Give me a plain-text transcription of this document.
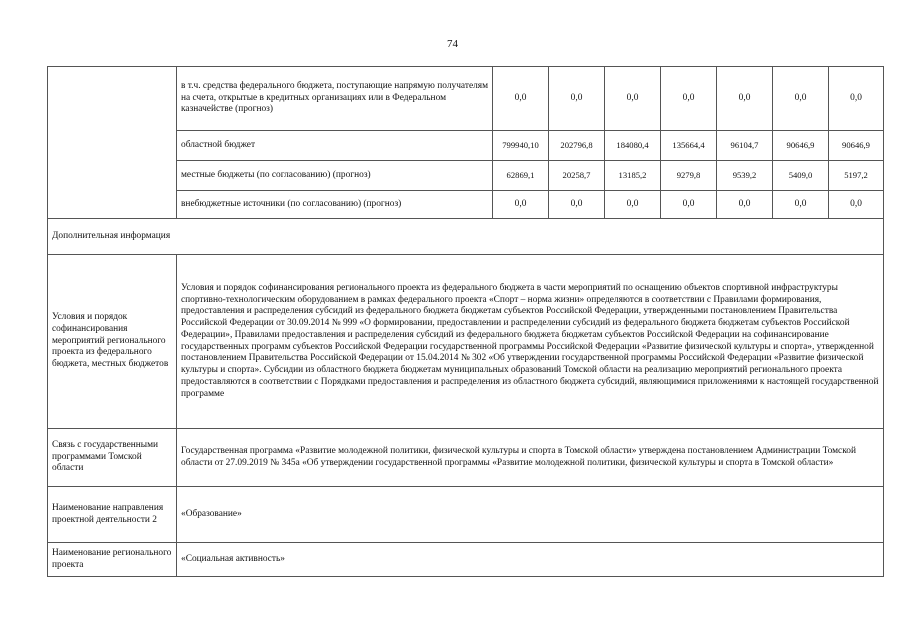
74
	в т.ч. средства федерального бюджета, поступающие напрямую получателям на счета, открытые в кредитных организациях или в Федеральном казначействе (прогноз)	0,0	0,0	0,0	0,0	0,0	0,0	0,0
	областной бюджет	799940,10	202796,8	184080,4	135664,4	96104,7	90646,9	90646,9
	местные бюджеты (по согласованию) (прогноз)	62869,1	20258,7	13185,2	9279,8	9539,2	5409,0	5197,2
	внебюджетные источники (по согласованию) (прогноз)	0,0	0,0	0,0	0,0	0,0	0,0	0,0
Дополнительная информация								
Условия и порядок софинансирования мероприятий регионального проекта из федерального бюджета, местных бюджетов	Условия и порядок софинансирования регионального проекта из федерального бюджета в части мероприятий по оснащению объектов спортивной инфраструктуры спортивно-технологическим оборудованием в рамках федерального проекта «Спорт – норма жизни» определяются в соответствии с Правилами формирования, предоставления и распределения субсидий из федерального бюджета бюджетам субъектов Российской Федерации, утвержденными постановлением Правительства Российской Федерации от 30.09.2014 № 999 «О формировании, предоставлении и распределении субсидий из федерального бюджета бюджетам субъектов Российской Федерации», Правилами предоставления и распределения субсидий из федерального бюджета бюджетам субъектов Российской Федерации на софинансирование государственных программ субъектов Российской Федерации государственной программы Российской Федерации «Развитие физической культуры и спорта», утвержденной постановлением Правительства Российской Федерации от 15.04.2014 № 302 «Об утверждении государственной программы Российской Федерации «Развитие физической культуры и спорта». Субсидии из областного бюджета бюджетам муниципальных образований Томской области на реализацию мероприятий регионального проекта предоставляются в соответствии с Порядками предоставления и распределения из областного бюджета субсидий, являющимися приложениями к настоящей государственной программе							
Связь с государственными программами Томской области	Государственная программа «Развитие молодежной политики, физической культуры и спорта в Томской области» утверждена постановлением Администрации Томской области от 27.09.2019 № 345а «Об утверждении государственной программы «Развитие молодежной политики, физической культуры и спорта в Томской области»							
Наименование направления проектной деятельности 2	«Образование»							
Наименование регионального проекта	«Социальная активность»							
